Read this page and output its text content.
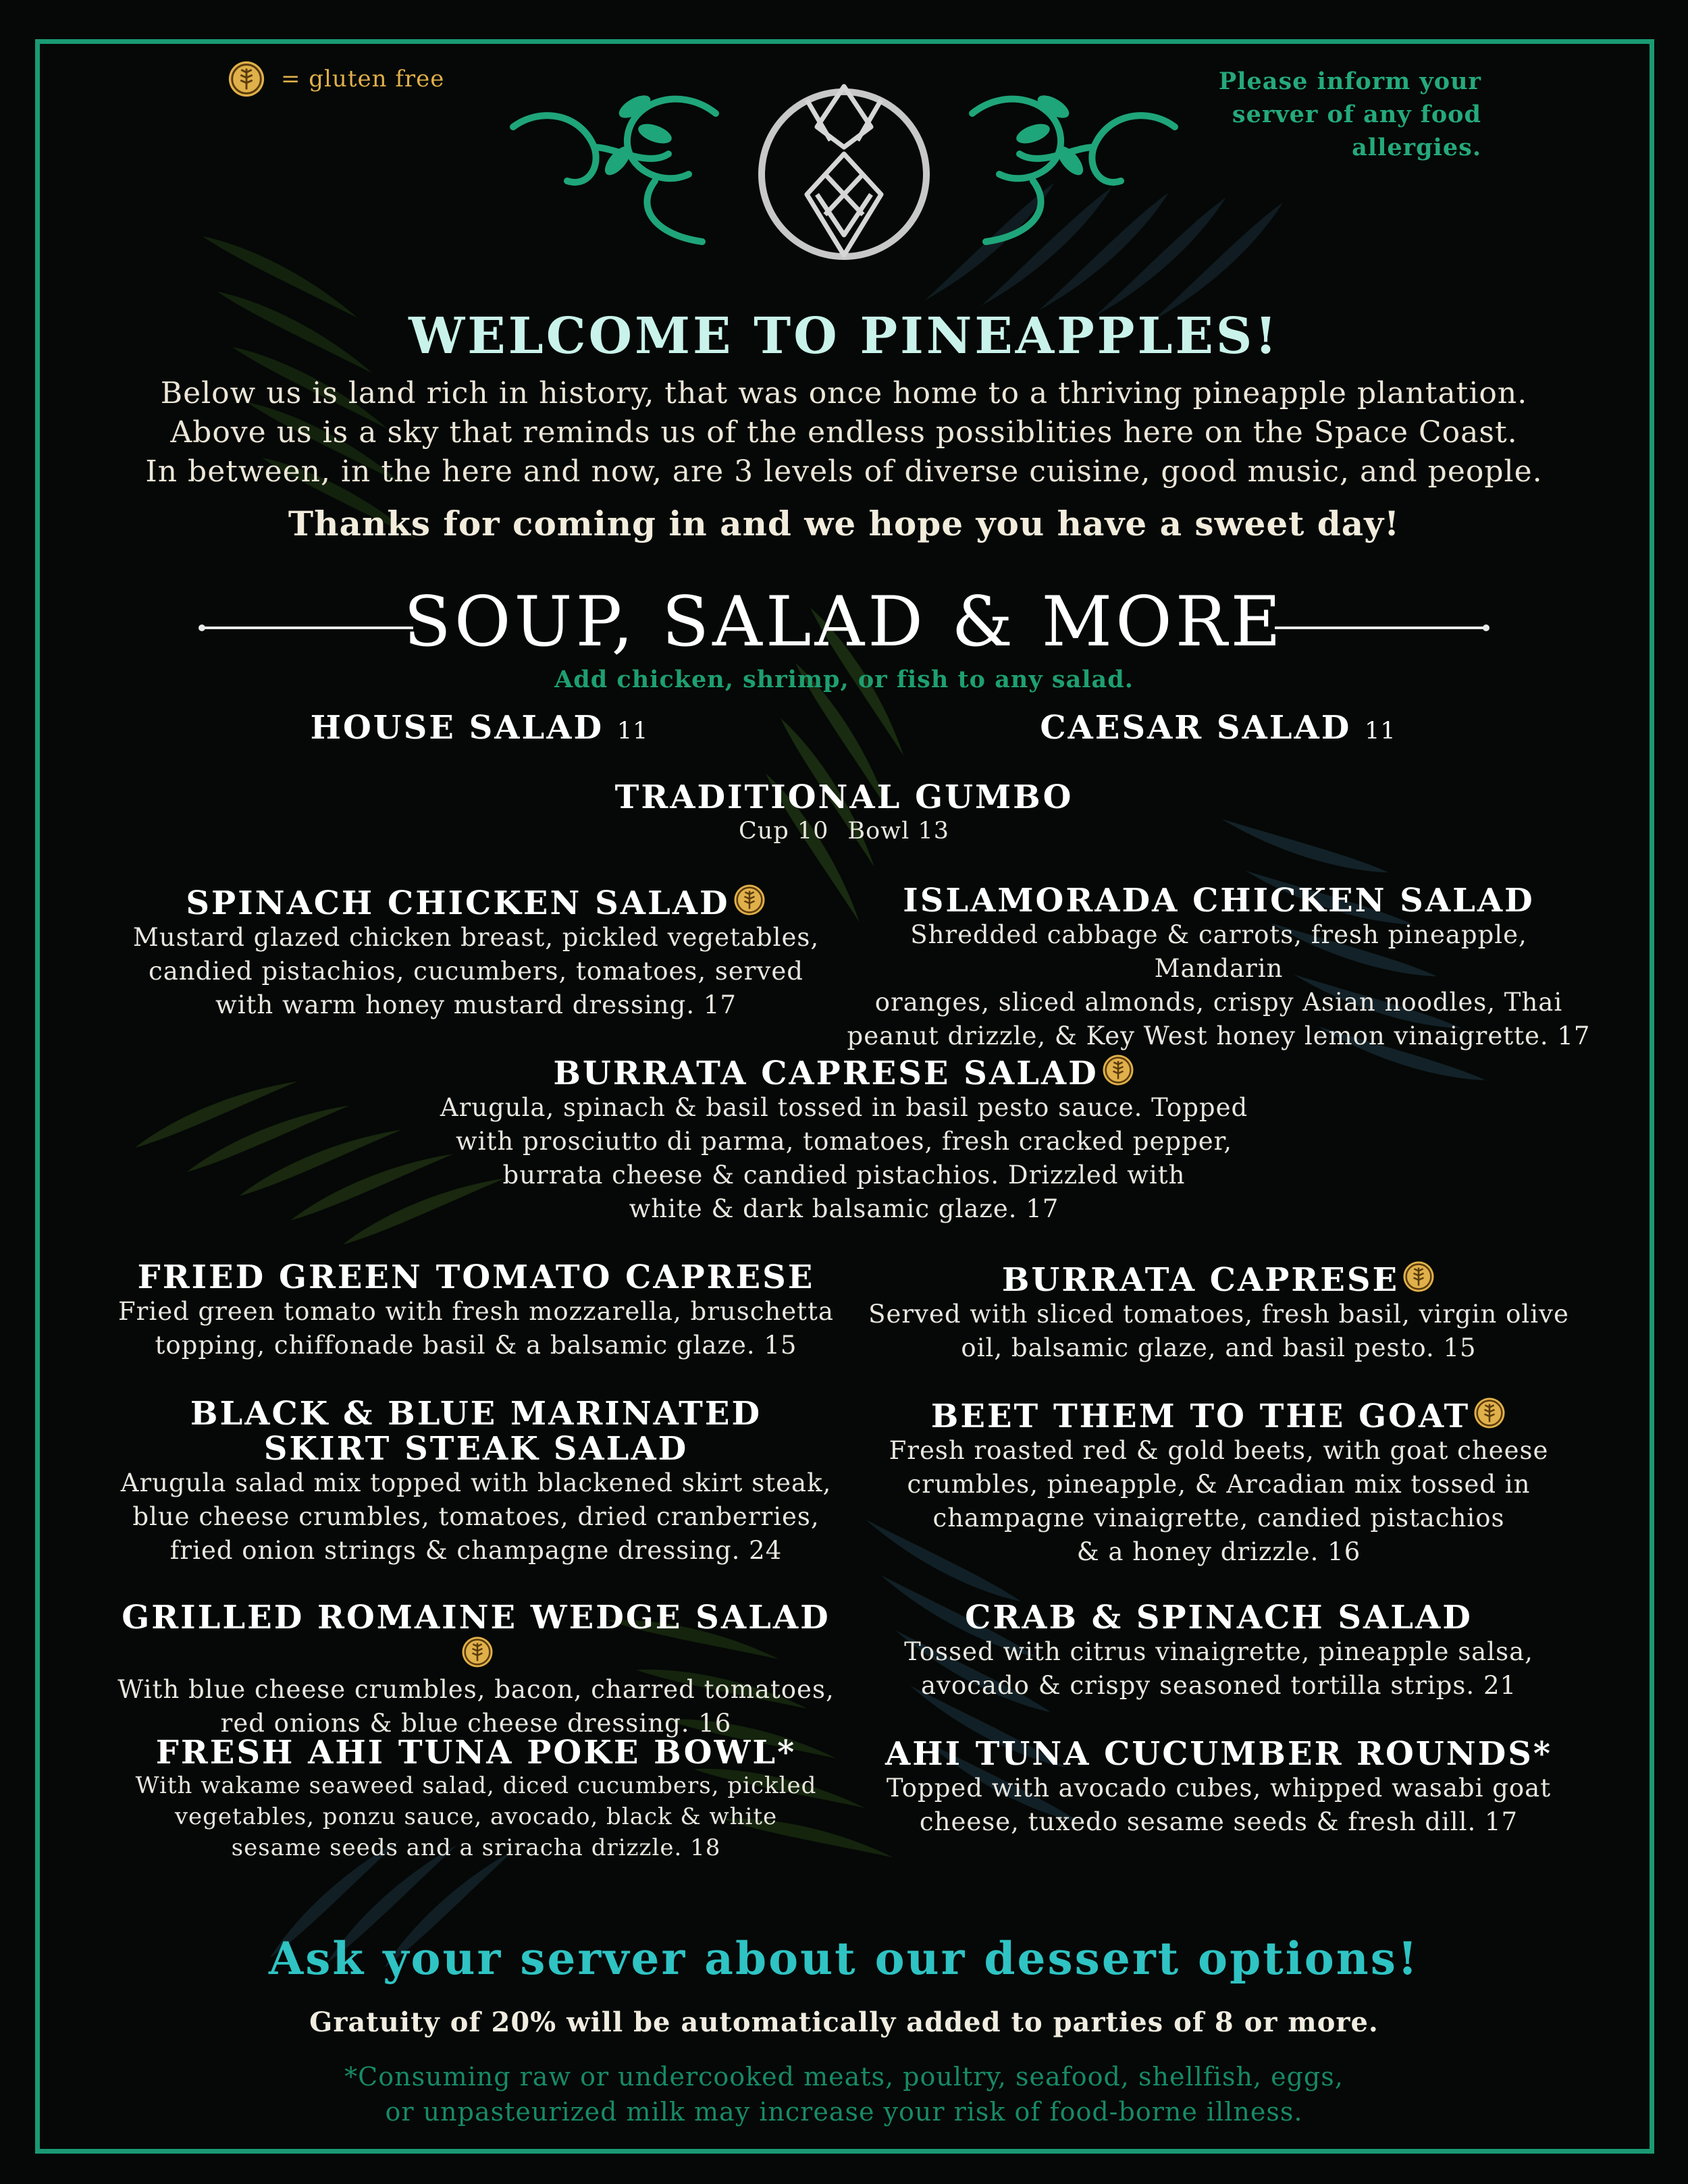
= gluten free	Please inform your
server of any food
allergies.
WELCOME TO PINEAPPLES!
Below us is land rich in history, that was once home to a thriving pineapple plantation.
Above us is a sky that reminds us of the endless possiblities here on the Space Coast.
In between, in the here and now, are 3 levels of diverse cuisine, good music, and people.
Thanks for coming in and we hope you have a sweet day!
SOUP, SALAD & MORE
Add chicken, shrimp, or fish to any salad.
HOUSE SALAD 11	CAESAR SALAD 11
TRADITIONAL GUMBO
Cup 10 Bowl 13
SPINACH CHICKEN SALAD
Mustard glazed chicken breast, pickled vegetables,
candied pistachios, cucumbers, tomatoes, served
with warm honey mustard dressing. 17
ISLAMORADA CHICKEN SALAD
Shredded cabbage & carrots, fresh pineapple, Mandarin
oranges, sliced almonds, crispy Asian noodles, Thai
peanut drizzle, & Key West honey lemon vinaigrette. 17
BURRATA CAPRESE SALAD
Arugula, spinach & basil tossed in basil pesto sauce. Topped
with prosciutto di parma, tomatoes, fresh cracked pepper,
burrata cheese & candied pistachios. Drizzled with
white & dark balsamic glaze. 17
FRIED GREEN TOMATO CAPRESE
Fried green tomato with fresh mozzarella, bruschetta
topping, chiffonade basil & a balsamic glaze. 15
BURRATA CAPRESE
Served with sliced tomatoes, fresh basil, virgin olive
oil, balsamic glaze, and basil pesto. 15
BLACK & BLUE MARINATED
SKIRT STEAK SALAD
Arugula salad mix topped with blackened skirt steak,
blue cheese crumbles, tomatoes, dried cranberries,
fried onion strings & champagne dressing. 24
BEET THEM TO THE GOAT
Fresh roasted red & gold beets, with goat cheese
crumbles, pineapple, & Arcadian mix tossed in
champagne vinaigrette, candied pistachios
& a honey drizzle. 16
GRILLED ROMAINE WEDGE SALAD
With blue cheese crumbles, bacon, charred tomatoes,
red onions & blue cheese dressing. 16
CRAB & SPINACH SALAD
Tossed with citrus vinaigrette, pineapple salsa,
avocado & crispy seasoned tortilla strips. 21
FRESH AHI TUNA POKE BOWL*
With wakame seaweed salad, diced cucumbers, pickled
vegetables, ponzu sauce, avocado, black & white
sesame seeds and a sriracha drizzle. 18
AHI TUNA CUCUMBER ROUNDS*
Topped with avocado cubes, whipped wasabi goat
cheese, tuxedo sesame seeds & fresh dill. 17
Ask your server about our dessert options!
Gratuity of 20% will be automatically added to parties of 8 or more.
*Consuming raw or undercooked meats, poultry, seafood, shellfish, eggs,
or unpasteurized milk may increase your risk of food-borne illness.
